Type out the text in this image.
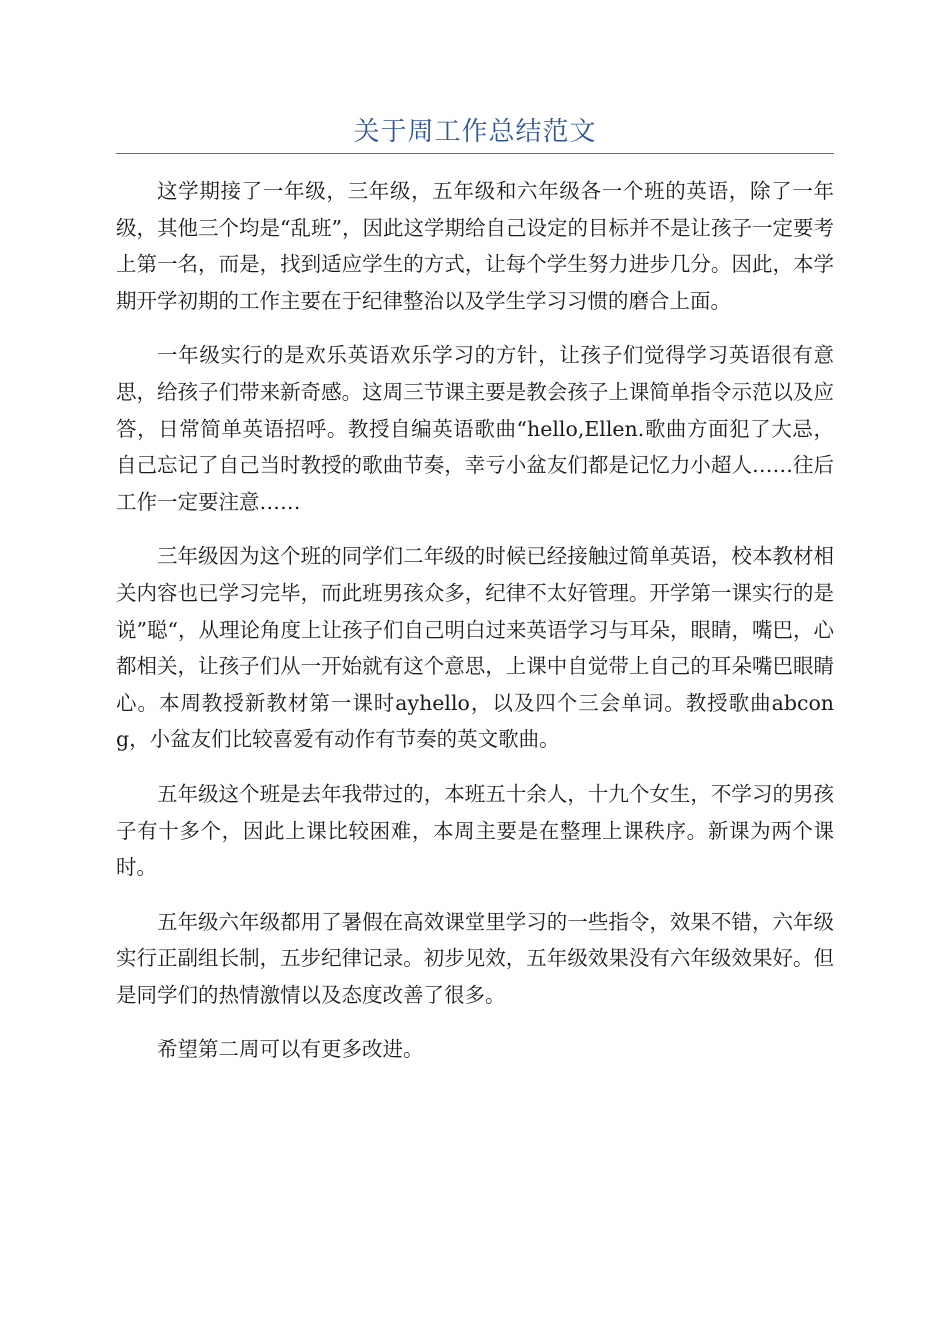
关于周工作总结范文

这学期接了一年级，三年级，五年级和六年级各一个班的英语，除了一年级，其他三个均是“乱班”，因此这学期给自己设定的目标并不是让孩子一定要考上第一名，而是，找到适应学生的方式，让每个学生努力进步几分。因此，本学期开学初期的工作主要在于纪律整治以及学生学习习惯的磨合上面。

一年级实行的是欢乐英语欢乐学习的方针，让孩子们觉得学习英语很有意思，给孩子们带来新奇感。这周三节课主要是教会孩子上课简单指令示范以及应答，日常简单英语招呼。教授自编英语歌曲“hello,Ellen.歌曲方面犯了大忌，自己忘记了自己当时教授的歌曲节奏，幸亏小盆友们都是记忆力小超人……往后工作一定要注意……

三年级因为这个班的同学们二年级的时候已经接触过简单英语，校本教材相关内容也已学习完毕，而此班男孩众多，纪律不太好管理。开学第一课实行的是说”聪“，从理论角度上让孩子们自己明白过来英语学习与耳朵，眼睛，嘴巴，心都相关，让孩子们从一开始就有这个意思，上课中自觉带上自己的耳朵嘴巴眼睛心。本周教授新教材第一课时ayhello，以及四个三会单词。教授歌曲abcong，小盆友们比较喜爱有动作有节奏的英文歌曲。

五年级这个班是去年我带过的，本班五十余人，十九个女生，不学习的男孩子有十多个，因此上课比较困难，本周主要是在整理上课秩序。新课为两个课时。

五年级六年级都用了暑假在高效课堂里学习的一些指令，效果不错，六年级实行正副组长制，五步纪律记录。初步见效，五年级效果没有六年级效果好。但是同学们的热情激情以及态度改善了很多。

希望第二周可以有更多改进。
